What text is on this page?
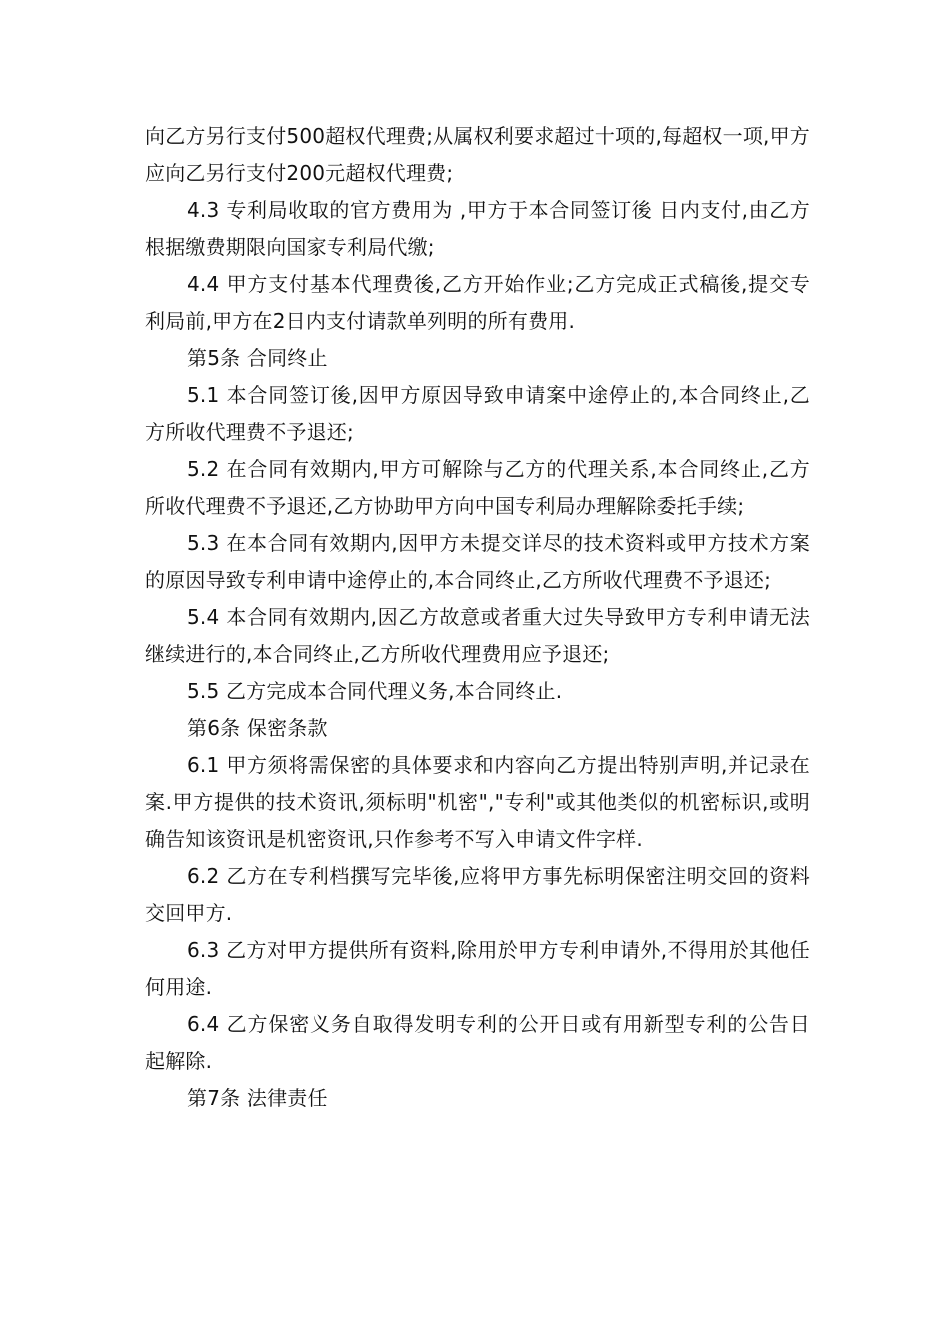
向乙方另行支付500超权代理费;从属权利要求超过十项的,每超权一项,甲方应向乙另行支付200元超权代理费;

4.3 专利局收取的官方费用为 ,甲方于本合同签订後 日内支付,由乙方根据缴费期限向国家专利局代缴;

4.4 甲方支付基本代理费後,乙方开始作业;乙方完成正式稿後,提交专利局前,甲方在2日内支付请款单列明的所有费用.

第5条 合同终止

5.1 本合同签订後,因甲方原因导致申请案中途停止的,本合同终止,乙方所收代理费不予退还;

5.2 在合同有效期内,甲方可解除与乙方的代理关系,本合同终止,乙方所收代理费不予退还,乙方协助甲方向中国专利局办理解除委托手续;

5.3 在本合同有效期内,因甲方未提交详尽的技术资料或甲方技术方案的原因导致专利申请中途停止的,本合同终止,乙方所收代理费不予退还;

5.4 本合同有效期内,因乙方故意或者重大过失导致甲方专利申请无法继续进行的,本合同终止,乙方所收代理费用应予退还;

5.5 乙方完成本合同代理义务,本合同终止.

第6条 保密条款

6.1 甲方须将需保密的具体要求和内容向乙方提出特别声明,并记录在案.甲方提供的技术资讯,须标明"机密","专利"或其他类似的机密标识,或明确告知该资讯是机密资讯,只作参考不写入申请文件字样.

6.2 乙方在专利档撰写完毕後,应将甲方事先标明保密注明交回的资料交回甲方.

6.3 乙方对甲方提供所有资料,除用於甲方专利申请外,不得用於其他任何用途.

6.4 乙方保密义务自取得发明专利的公开日或有用新型专利的公告日起解除.

第7条 法律责任
